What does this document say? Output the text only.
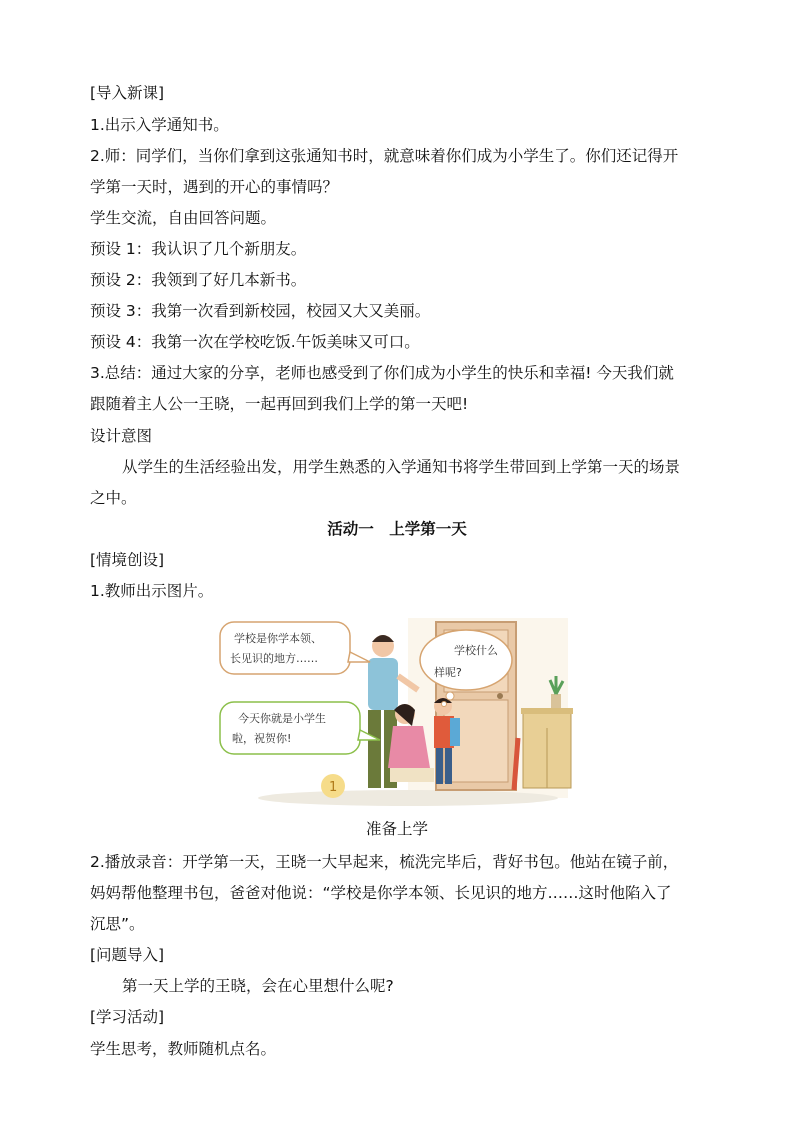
[导入新课]
1.出示入学通知书。
2.师：同学们，当你们拿到这张通知书时，就意味着你们成为小学生了。你们还记得开
学第一天时，遇到的开心的事情吗？
学生交流，自由回答问题。
预设 1：我认识了几个新朋友。
预设 2：我领到了好几本新书。
预设 3：我第一次看到新校园，校园又大又美丽。
预设 4：我第一次在学校吃饭.午饭美味又可口。
3.总结：通过大家的分享，老师也感受到了你们成为小学生的快乐和幸福! 今天我们就
跟随着主人公一王晓，一起再回到我们上学的第一天吧!
设计意图
从学生的生活经验出发，用学生熟悉的入学通知书将学生带回到上学第一天的场景
之中。
活动一　上学第一天
[情境创设]
1.教师出示图片。
学校是你学本领、
长见识的地方……
学校什么
样呢?
今天你就是小学生
啦，祝贺你!
1
准备上学
2.播放录音：开学第一天，王晓一大早起来，梳洗完毕后，背好书包。他站在镜子前，
妈妈帮他整理书包，爸爸对他说：“学校是你学本领、长见识的地方……这时他陷入了
沉思”。
[问题导入]
第一天上学的王晓，会在心里想什么呢?
[学习活动]
学生思考，教师随机点名。
